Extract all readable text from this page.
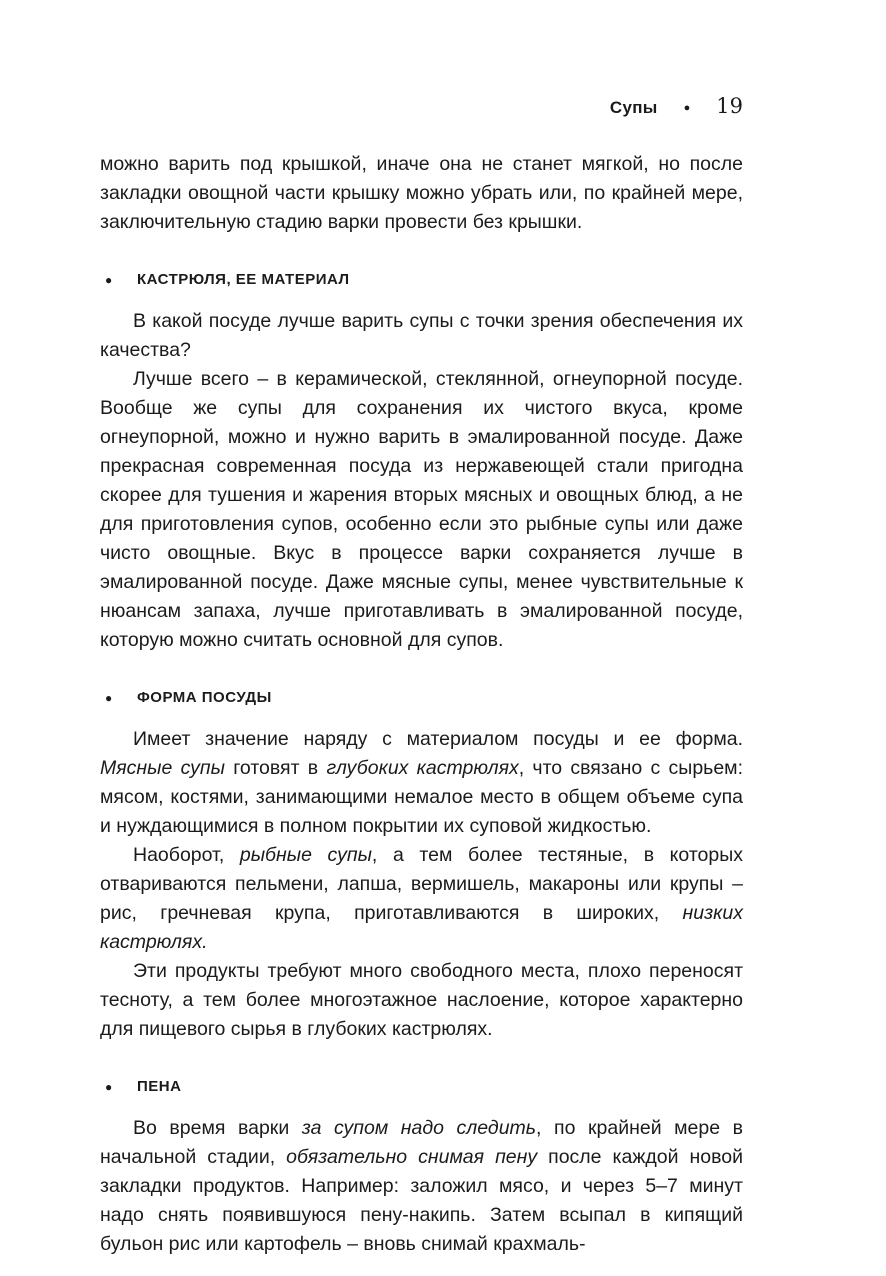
Супы ● 19

можно варить под крышкой, иначе она не станет мягкой, но после закладки овощной части крышку можно убрать или, по крайней мере, заключительную стадию варки провести без крышки.

●	КАСТРЮЛЯ, ЕЕ МАТЕРИАЛ

В какой посуде лучше варить супы с точки зрения обеспечения их качества?

Лучше всего – в керамической, стеклянной, огнеупорной посуде. Вообще же супы для сохранения их чистого вкуса, кроме огнеупорной, можно и нужно варить в эмалированной посуде. Даже прекрасная современная посуда из нержавеющей стали пригодна скорее для тушения и жарения вторых мясных и овощных блюд, а не для приготовления супов, особенно если это рыбные супы или даже чисто овощные. Вкус в процессе варки сохраняется лучше в эмалированной посуде. Даже мясные супы, менее чувствительные к нюансам запаха, лучше приготавливать в эмалированной посуде, которую можно считать основной для супов.

●	ФОРМА ПОСУДЫ

Имеет значение наряду с материалом посуды и ее форма. Мясные супы готовят в глубоких кастрюлях, что связано с сырьем: мясом, костями, занимающими немалое место в общем объеме супа и нуждающимися в полном покрытии их суповой жидкостью.

Наоборот, рыбные супы, а тем более тестяные, в которых отвариваются пельмени, лапша, вермишель, макароны или крупы – рис, гречневая крупа, приготавливаются в широких, низких кастрюлях.

Эти продукты требуют много свободного места, плохо переносят тесноту, а тем более многоэтажное наслоение, которое характерно для пищевого сырья в глубоких кастрюлях.

●	ПЕНА

Во время варки за супом надо следить, по крайней мере в начальной стадии, обязательно снимая пену после каждой новой закладки продуктов. Например: заложил мясо, и через 5–7 минут надо снять появившуюся пену-накипь. Затем всыпал в кипящий бульон рис или картофель – вновь снимай крахмаль-
